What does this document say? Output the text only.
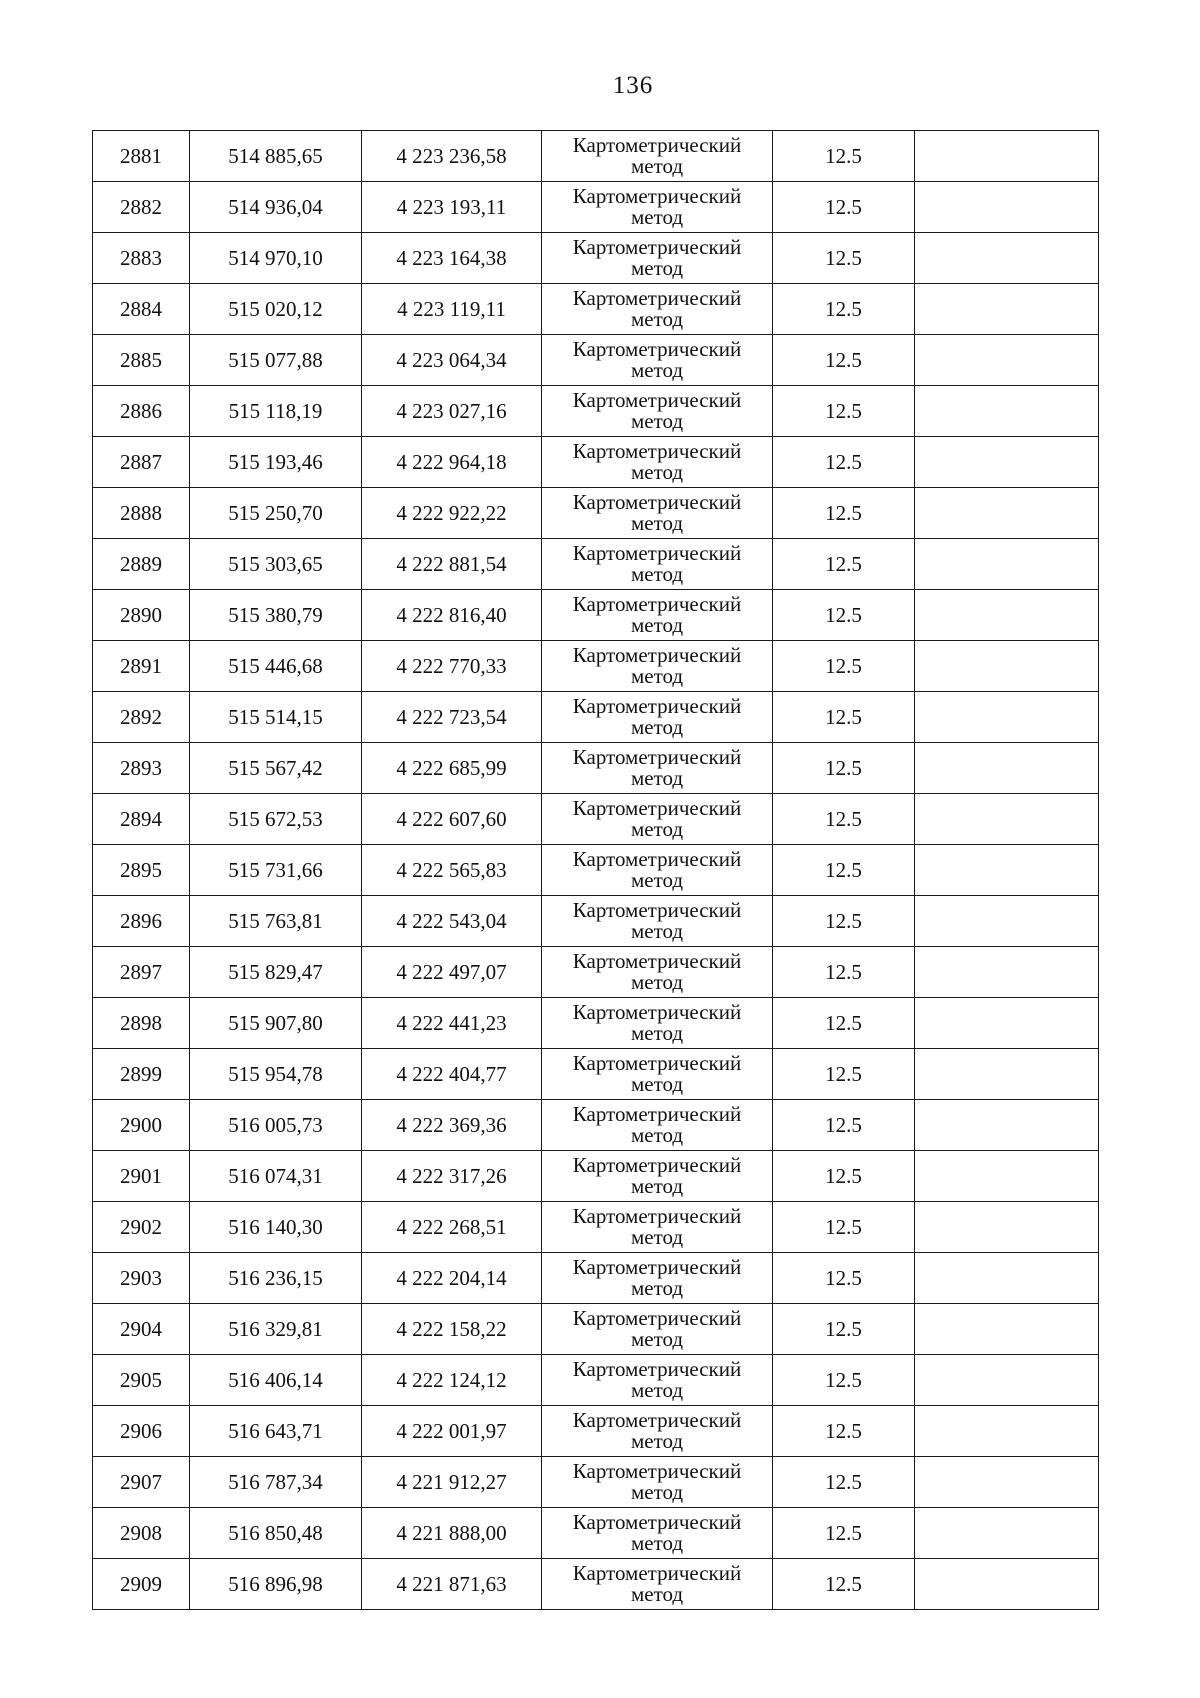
136
2881	514 885,65	4 223 236,58	Картометрический
метод	12.5	
2882	514 936,04	4 223 193,11	Картометрический
метод	12.5	
2883	514 970,10	4 223 164,38	Картометрический
метод	12.5	
2884	515 020,12	4 223 119,11	Картометрический
метод	12.5	
2885	515 077,88	4 223 064,34	Картометрический
метод	12.5	
2886	515 118,19	4 223 027,16	Картометрический
метод	12.5	
2887	515 193,46	4 222 964,18	Картометрический
метод	12.5	
2888	515 250,70	4 222 922,22	Картометрический
метод	12.5	
2889	515 303,65	4 222 881,54	Картометрический
метод	12.5	
2890	515 380,79	4 222 816,40	Картометрический
метод	12.5	
2891	515 446,68	4 222 770,33	Картометрический
метод	12.5	
2892	515 514,15	4 222 723,54	Картометрический
метод	12.5	
2893	515 567,42	4 222 685,99	Картометрический
метод	12.5	
2894	515 672,53	4 222 607,60	Картометрический
метод	12.5	
2895	515 731,66	4 222 565,83	Картометрический
метод	12.5	
2896	515 763,81	4 222 543,04	Картометрический
метод	12.5	
2897	515 829,47	4 222 497,07	Картометрический
метод	12.5	
2898	515 907,80	4 222 441,23	Картометрический
метод	12.5	
2899	515 954,78	4 222 404,77	Картометрический
метод	12.5	
2900	516 005,73	4 222 369,36	Картометрический
метод	12.5	
2901	516 074,31	4 222 317,26	Картометрический
метод	12.5	
2902	516 140,30	4 222 268,51	Картометрический
метод	12.5	
2903	516 236,15	4 222 204,14	Картометрический
метод	12.5	
2904	516 329,81	4 222 158,22	Картометрический
метод	12.5	
2905	516 406,14	4 222 124,12	Картометрический
метод	12.5	
2906	516 643,71	4 222 001,97	Картометрический
метод	12.5	
2907	516 787,34	4 221 912,27	Картометрический
метод	12.5	
2908	516 850,48	4 221 888,00	Картометрический
метод	12.5	
2909	516 896,98	4 221 871,63	Картометрический
метод	12.5	
